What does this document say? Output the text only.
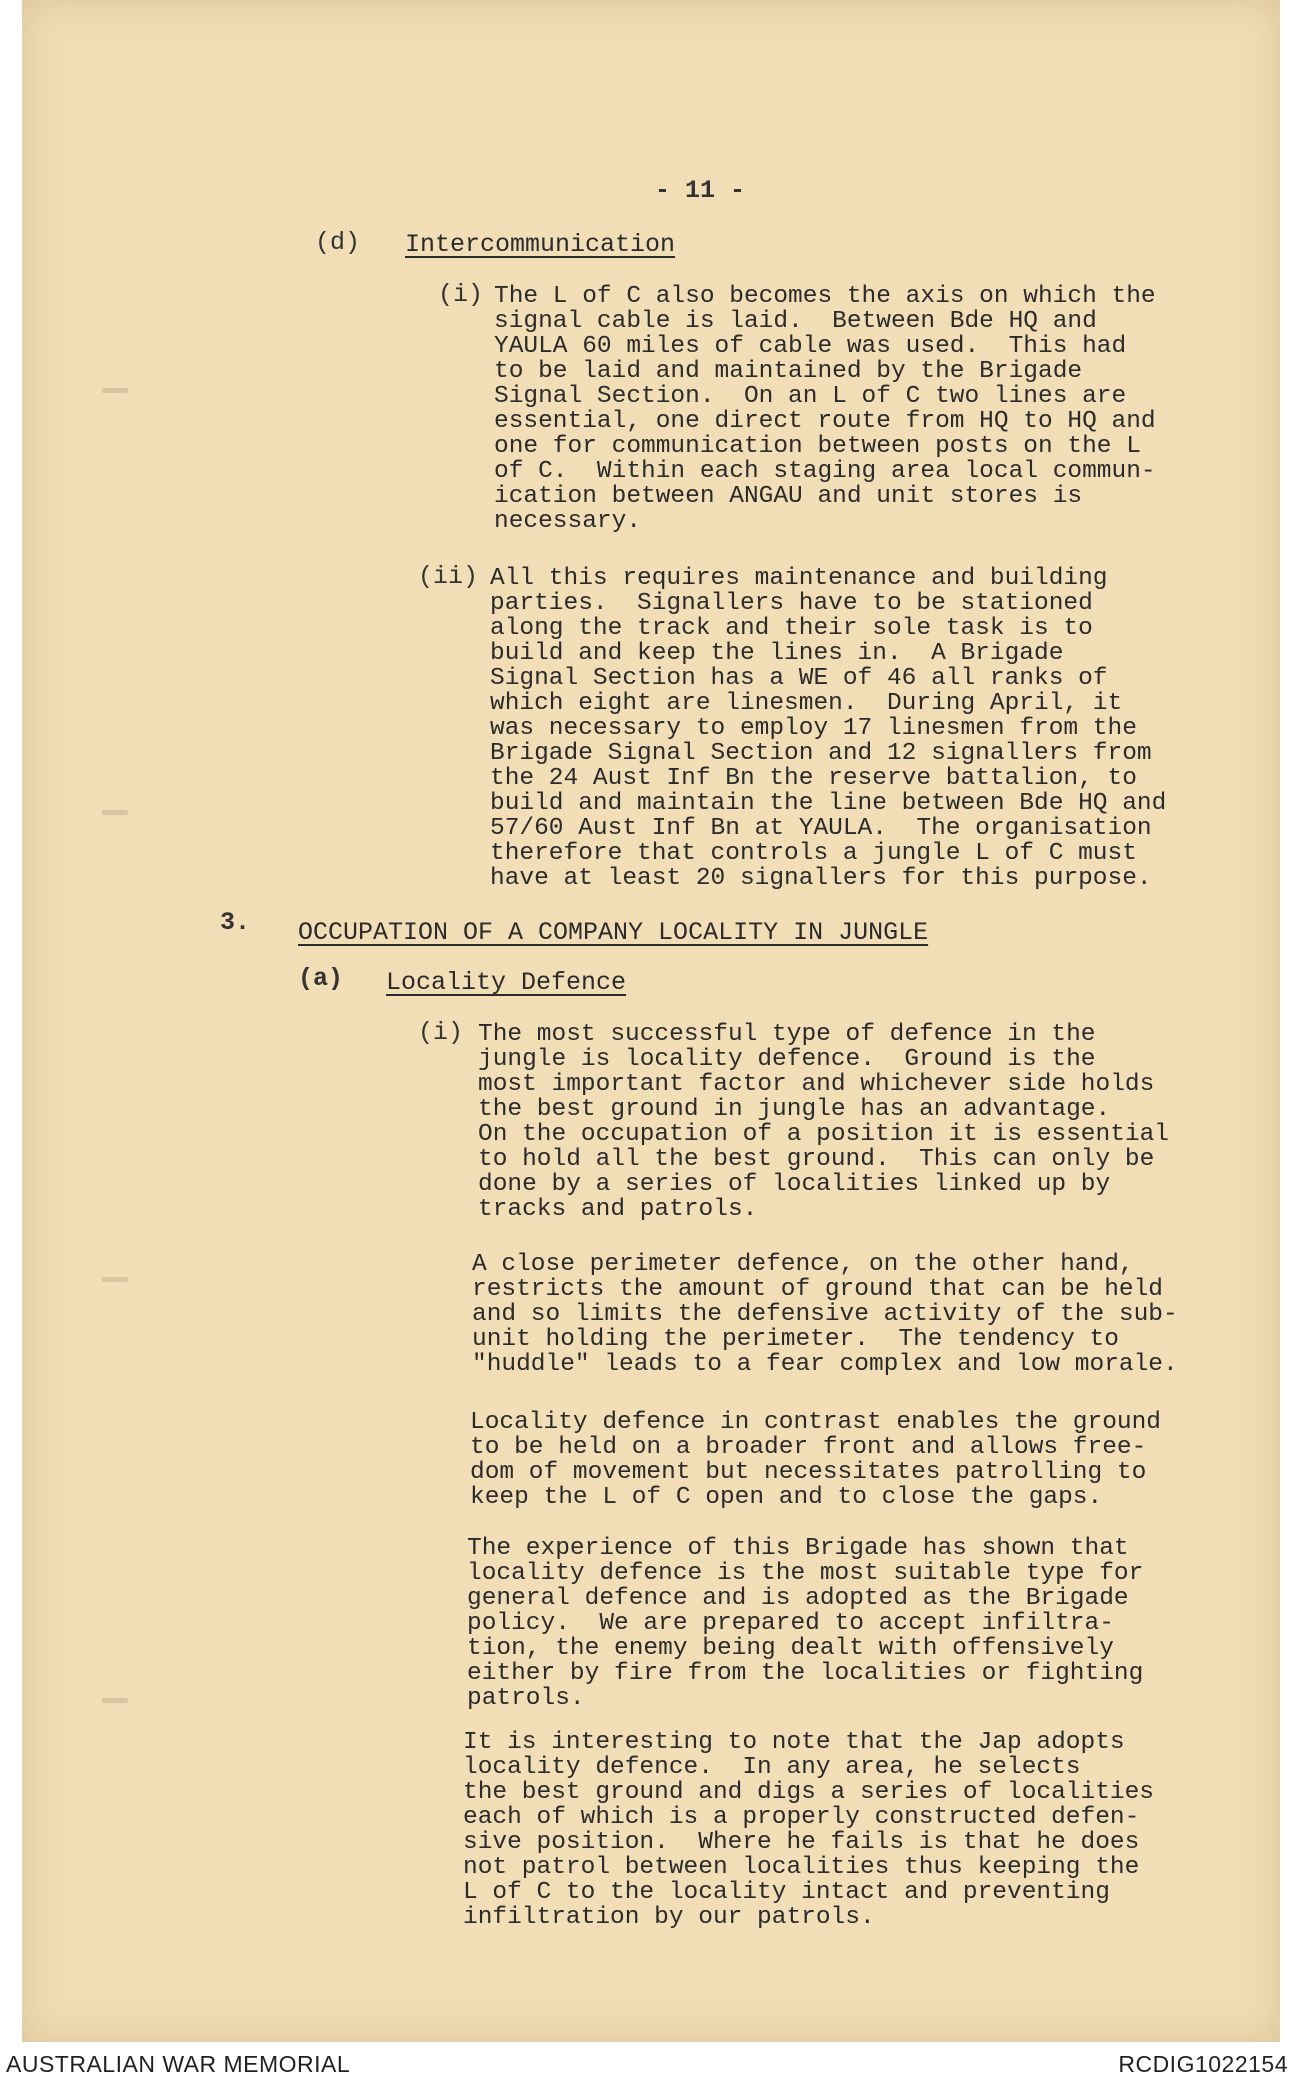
- 11 -
(d) Intercommunication
(i) The L of C also becomes the axis on which the
signal cable is laid.  Between Bde HQ and
YAULA 60 miles of cable was used.  This had
to be laid and maintained by the Brigade
Signal Section.  On an L of C two lines are
essential, one direct route from HQ to HQ and
one for communication between posts on the L
of C.  Within each staging area local commun-
ication between ANGAU and unit stores is
necessary.
(ii) All this requires maintenance and building
parties.  Signallers have to be stationed
along the track and their sole task is to
build and keep the lines in.  A Brigade
Signal Section has a WE of 46 all ranks of
which eight are linesmen.  During April, it
was necessary to employ 17 linesmen from the
Brigade Signal Section and 12 signallers from
the 24 Aust Inf Bn the reserve battalion, to
build and maintain the line between Bde HQ and
57/60 Aust Inf Bn at YAULA.  The organisation
therefore that controls a jungle L of C must
have at least 20 signallers for this purpose.
3. OCCUPATION OF A COMPANY LOCALITY IN JUNGLE
(a) Locality Defence
(i) The most successful type of defence in the
jungle is locality defence.  Ground is the
most important factor and whichever side holds
the best ground in jungle has an advantage.
On the occupation of a position it is essential
to hold all the best ground.  This can only be
done by a series of localities linked up by
tracks and patrols.
A close perimeter defence, on the other hand,
restricts the amount of ground that can be held
and so limits the defensive activity of the sub-
unit holding the perimeter.  The tendency to
"huddle" leads to a fear complex and low morale.
Locality defence in contrast enables the ground
to be held on a broader front and allows free-
dom of movement but necessitates patrolling to
keep the L of C open and to close the gaps.
The experience of this Brigade has shown that
locality defence is the most suitable type for
general defence and is adopted as the Brigade
policy.  We are prepared to accept infiltra-
tion, the enemy being dealt with offensively
either by fire from the localities or fighting
patrols.
It is interesting to note that the Jap adopts
locality defence.  In any area, he selects
the best ground and digs a series of localities
each of which is a properly constructed defen-
sive position.  Where he fails is that he does
not patrol between localities thus keeping the
L of C to the locality intact and preventing
infiltration by our patrols.
AUSTRALIAN WAR MEMORIAL	RCDIG1022154
